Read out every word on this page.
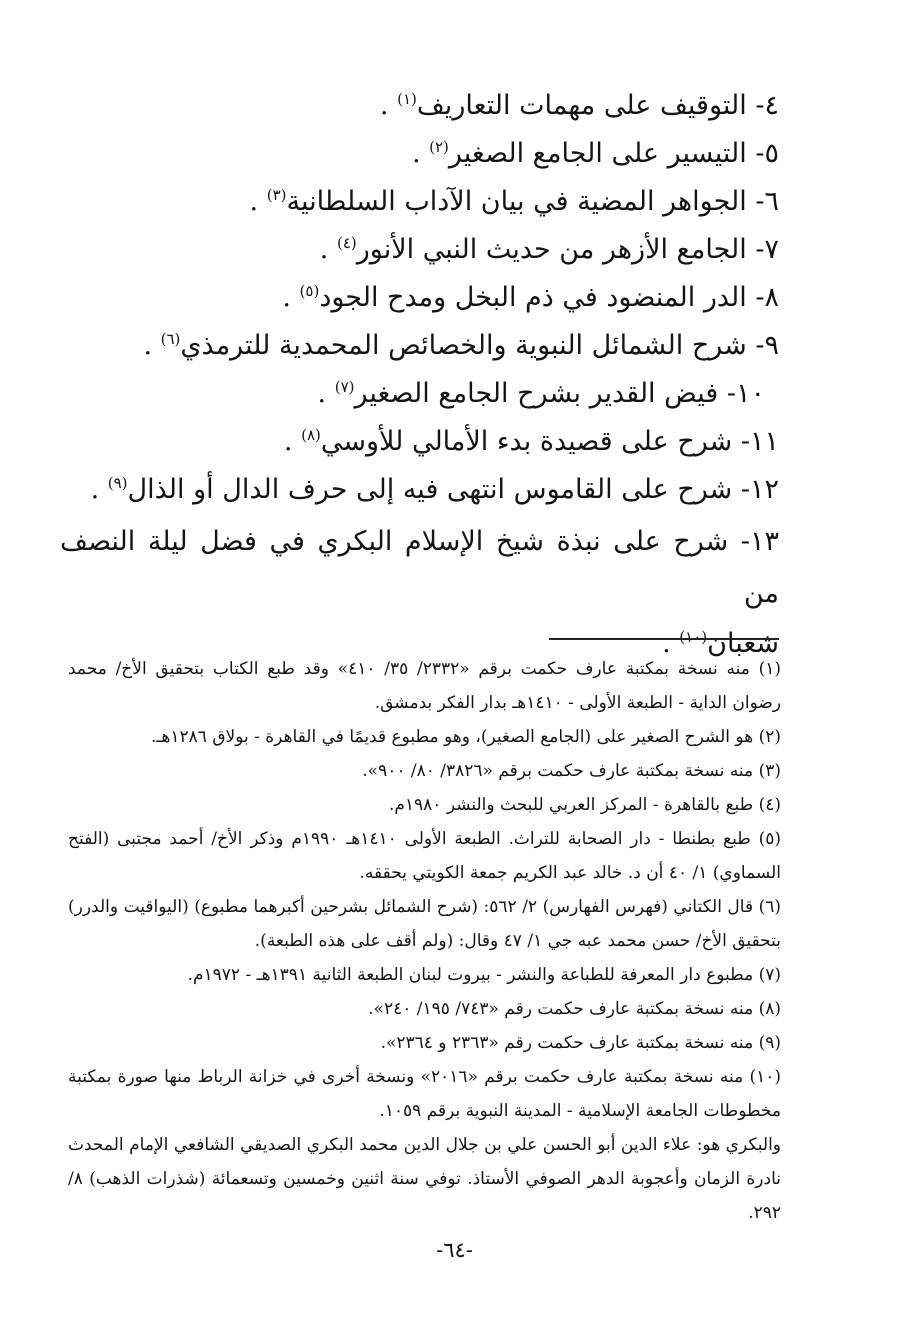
٤- التوقيف على مهمات التعاريف$^{(١)}$ .
٥- التيسير على الجامع الصغير$^{(٢)}$ .
٦- الجواهر المضية في بيان الآداب السلطانية$^{(٣)}$ .
٧- الجامع الأزهر من حديث النبي الأنور$^{(٤)}$ .
٨- الدر المنضود في ذم البخل ومدح الجود$^{(٥)}$ .
٩- شرح الشمائل النبوية والخصائص المحمدية للترمذي$^{(٦)}$ .
١٠- فيض القدير بشرح الجامع الصغير$^{(٧)}$ .
١١- شرح على قصيدة بدء الأمالي للأوسي$^{(٨)}$ .
١٢- شرح على القاموس انتهى فيه إلى حرف الدال أو الذال$^{(٩)}$ .
١٣- شرح على نبذة شيخ الإسلام البكري في فضل ليلة النصف من
شعبان$^{(١٠)}$ .
(١) منه نسخة بمكتبة عارف حكمت برقم «٢٣٣٢/ ٣٥/ ٤١٠» وقد طبع الكتاب بتحقيق الأخ/ محمد رضوان الداية - الطبعة الأولى - ١٤١٠هـ بدار الفكر بدمشق.
(٢) هو الشرح الصغير على (الجامع الصغير)، وهو مطبوع قديمًا في القاهرة - بولاق ١٢٨٦هـ.
(٣) منه نسخة بمكتبة عارف حكمت برقم «٣٨٢٦/ ٨٠/ ٩٠٠».
(٤) طبع بالقاهرة - المركز العربي للبحث والنشر ١٩٨٠م.
(٥) طبع بطنطا - دار الصحابة للتراث. الطبعة الأولى ١٤١٠هـ ١٩٩٠م وذكر الأخ/ أحمد مجتبى (الفتح السماوي) ١/ ٤٠ أن د. خالد عبد الكريم جمعة الكويتي يحققه.
(٦) قال الكتاني (فهرس الفهارس) ٢/ ٥٦٢: (شرح الشمائل بشرحين أكبرهما مطبوع) (اليواقيت والدرر) بتحقيق الأخ/ حسن محمد عبه جي ١/ ٤٧ وقال: (ولم أقف على هذه الطبعة).
(٧) مطبوع دار المعرفة للطباعة والنشر - بيروت لبنان الطبعة الثانية ١٣٩١هـ - ١٩٧٢م.
(٨) منه نسخة بمكتبة عارف حكمت رقم «٧٤٣/ ١٩٥/ ٢٤٠».
(٩) منه نسخة بمكتبة عارف حكمت رقم «٢٣٦٣ و ٢٣٦٤».
(١٠) منه نسخة بمكتبة عارف حكمت برقم «٢٠١٦» ونسخة أخرى في خزانة الرباط منها صورة بمكتبة مخطوطات الجامعة الإسلامية - المدينة النبوية برقم ١٠٥٩.
والبكري هو: علاء الدين أبو الحسن علي بن جلال الدين محمد البكري الصديقي الشافعي الإمام المحدث نادرة الزمان وأعجوبة الدهر الصوفي الأستاذ. توفي سنة اثنين وخمسين وتسعمائة (شذرات الذهب) ٨/ ٢٩٢.
-٦٤-
